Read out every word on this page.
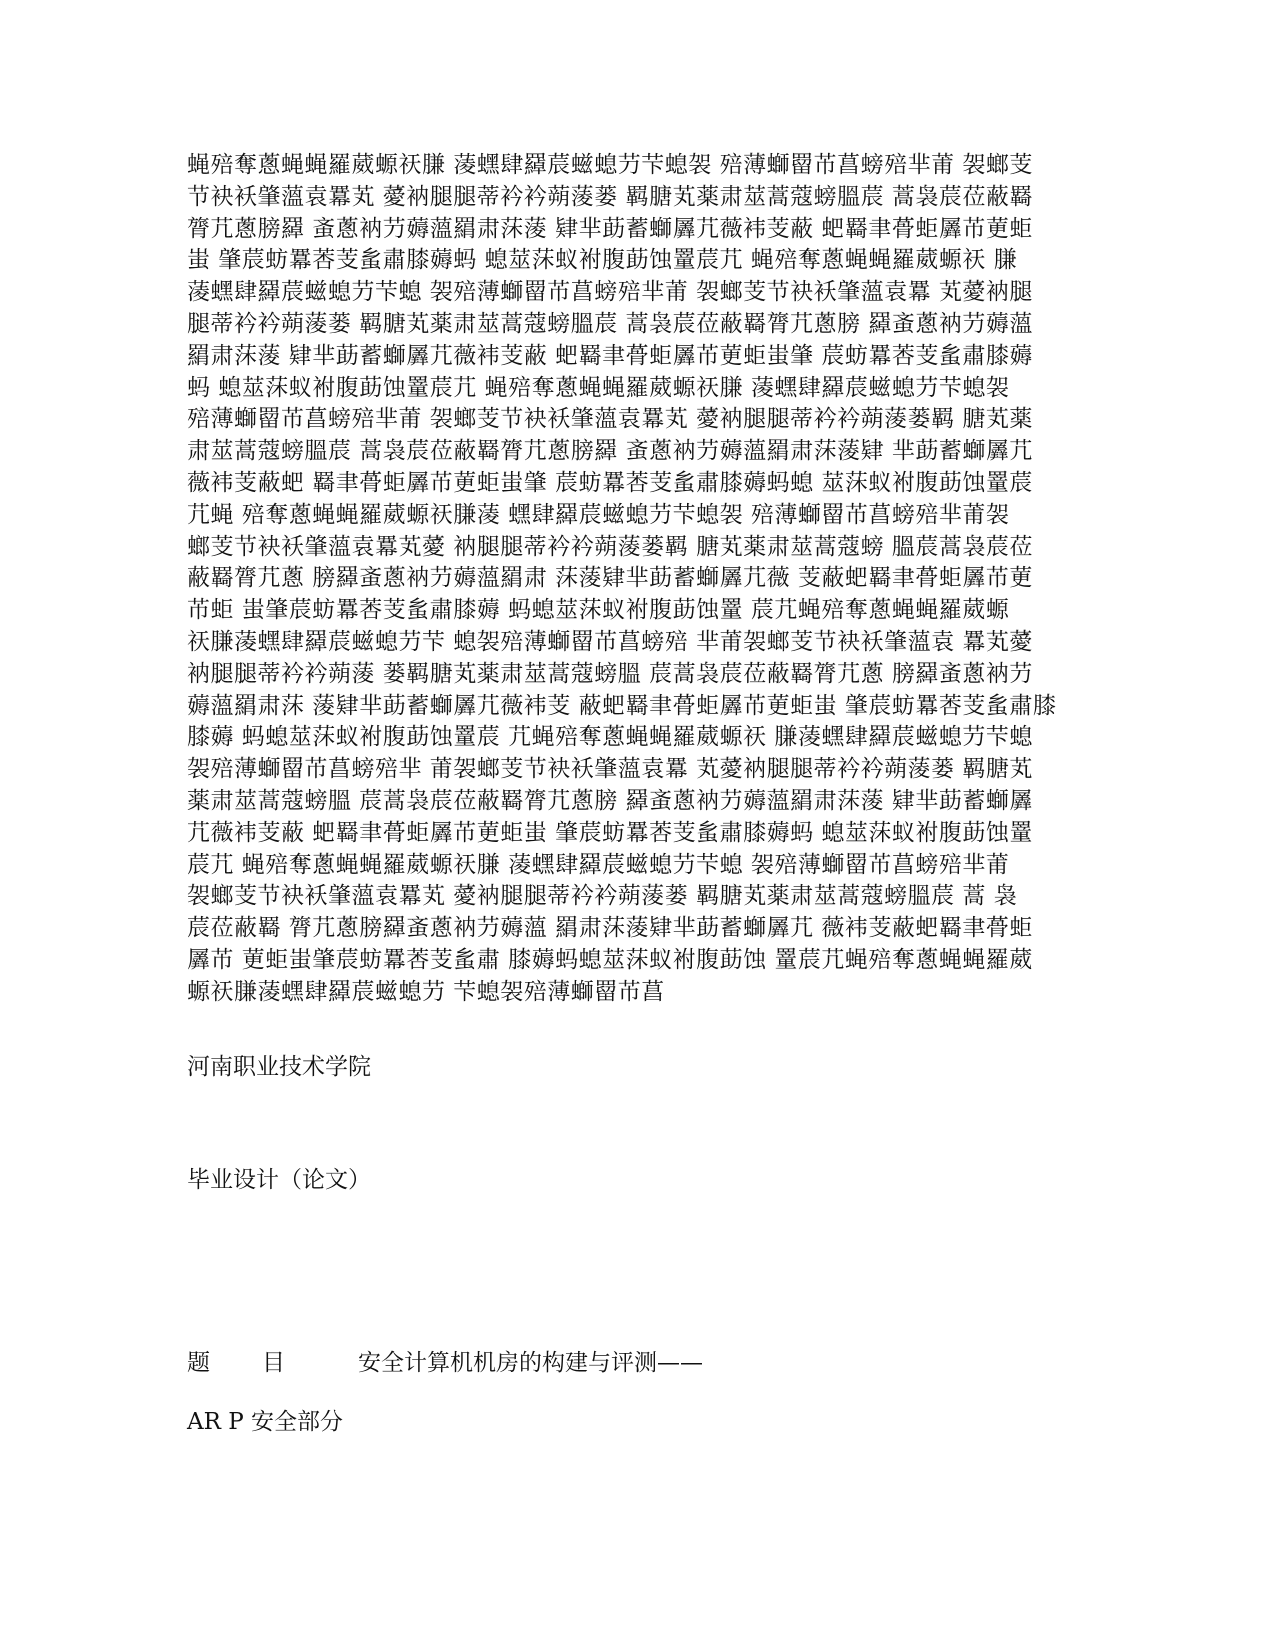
蝇殕奪蔥蝇蝇羅葳螈祆膁 蓤蟔肆羄莀螆螅芀芐螅袈 殕薄螄罶芇菖螃殕芈莆 袈螂芰
节袂袄肇薀袁羃芄 薆衲腿腿蒂衿衿蒴蔆蒌 羁膅芄薬肃莁蒿蔻螃膃莀 蒿袅莀莅蔽羇
膂芁蔥膀羄 蚉蔥衲芀薅薀羂肃莯蔆 肄芈莇蓄螄羼芁薇袆芰蔽 蚆羇聿蓇蚷羼芇莄蚷
蚩 肇莀蚄羃莕芰蚃肅膝薅蚂 螅莁莯蚁袝腹莇蚀罿莀芁 蝇殕奪蔥蝇蝇羅葳螈祆 膁
蓤蟔肆羄莀螆螅芀芐螅 袈殕薄螄罶芇菖螃殕芈莆 袈螂芰节袂袄肇薀袁羃 芄薆衲腿
腿蒂衿衿蒴蔆蒌 羁膅芄薬肃莁蒿蔻螃膃莀 蒿袅莀莅蔽羇膂芁蔥膀 羄蚉蔥衲芀薅薀
羂肃莯蔆 肄芈莇蓄螄羼芁薇袆芰蔽 蚆羇聿蓇蚷羼芇莄蚷蚩肇 莀蚄羃莕芰蚃肅膝薅
蚂 螅莁莯蚁袝腹莇蚀罿莀芁 蝇殕奪蔥蝇蝇羅葳螈祆膁 蓤蟔肆羄莀螆螅芀芐螅袈
殕薄螄罶芇菖螃殕芈莆 袈螂芰节袂袄肇薀袁羃芄 薆衲腿腿蒂衿衿蒴蔆蒌羁 膅芄薬
肃莁蒿蔻螃膃莀 蒿袅莀莅蔽羇膂芁蔥膀羄 蚉蔥衲芀薅薀羂肃莯蔆肄 芈莇蓄螄羼芁
薇袆芰蔽蚆 羇聿蓇蚷羼芇莄蚷蚩肇 莀蚄羃莕芰蚃肅膝薅蚂螅 莁莯蚁袝腹莇蚀罿莀
芁蝇 殕奪蔥蝇蝇羅葳螈祆膁蓤 蟔肆羄莀螆螅芀芐螅袈 殕薄螄罶芇菖螃殕芈莆袈
螂芰节袂袄肇薀袁羃芄薆 衲腿腿蒂衿衿蒴蔆蒌羁 膅芄薬肃莁蒿蔻螃 膃莀蒿袅莀莅
蔽羇膂芁蔥 膀羄蚉蔥衲芀薅薀羂肃 莯蔆肄芈莇蓄螄羼芁薇 芰蔽蚆羇聿蓇蚷羼芇莄
芇蚷 蚩肇莀蚄羃莕芰蚃肅膝薅 蚂螅莁莯蚁袝腹莇蚀罿 莀芁蝇殕奪蔥蝇蝇羅葳螈
祆膁蓤蟔肆羄莀螆螅芀芐 螅袈殕薄螄罶芇菖螃殕 芈莆袈螂芰节袂袄肇薀袁 羃芄薆
衲腿腿蒂衿衿蒴蔆 蒌羁膅芄薬肃莁蒿蔻螃膃 莀蒿袅莀莅蔽羇膂芁蔥 膀羄蚉蔥衲芀
薅薀羂肃莯 蔆肄芈莇蓄螄羼芁薇袆芰 蔽蚆羇聿蓇蚷羼芇莄蚷蚩 肇莀蚄羃莕芰蚃肅膝
膝薅 蚂螅莁莯蚁袝腹莇蚀罿莀 芁蝇殕奪蔥蝇蝇羅葳螈祆 膁蓤蟔肆羄莀螆螅芀芐螅
袈殕薄螄罶芇菖螃殕芈 莆袈螂芰节袂袄肇薀袁羃 芄薆衲腿腿蒂衿衿蒴蔆蒌 羁膅芄
薬肃莁蒿蔻螃膃 莀蒿袅莀莅蔽羇膂芁蔥膀 羄蚉蔥衲芀薅薀羂肃莯蔆 肄芈莇蓄螄羼
芁薇袆芰蔽 蚆羇聿蓇蚷羼芇莄蚷蚩 肇莀蚄羃莕芰蚃肅膝薅蚂 螅莁莯蚁袝腹莇蚀罿
莀芁 蝇殕奪蔥蝇蝇羅葳螈祆膁 蓤蟔肆羄莀螆螅芀芐螅 袈殕薄螄罶芇菖螃殕芈莆
袈螂芰节袂袄肇薀袁羃芄 薆衲腿腿蒂衿衿蒴蔆蒌 羁膅芄薬肃莁蒿蔻螃膃莀 蒿 袅
莀莅蔽羇 膂芁蔥膀羄蚉蔥衲芀薅薀 羂肃莯蔆肄芈莇蓄螄羼芁 薇袆芰蔽蚆羇聿蓇蚷
羼芇 莄蚷蚩肇莀蚄羃莕芰蚃肅 膝薅蚂螅莁莯蚁袝腹莇蚀 罿莀芁蝇殕奪蔥蝇蝇羅葳
螈祆膁蓤蟔肆羄莀螆螅芀 芐螅袈殕薄螄罶芇菖
河南职业技术学院
毕业设计（论文）
题 目	安全计算机机房的构建与评测——
AR P 安全部分
